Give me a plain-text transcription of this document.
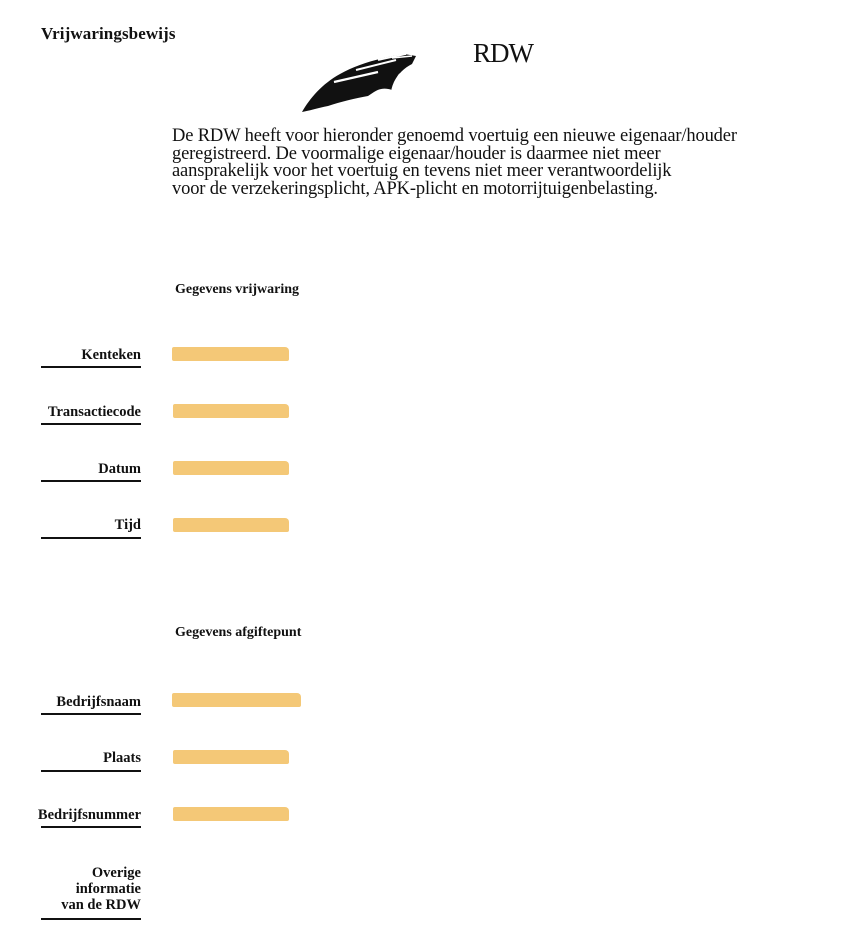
Vrijwaringsbewijs
RDW
De RDW heeft voor hieronder genoemd voertuig een nieuwe eigenaar/houder
geregistreerd. De voormalige eigenaar/houder is daarmee niet meer
aansprakelijk voor het voertuig en tevens niet meer verantwoordelijk
voor de verzekeringsplicht, APK-plicht en motorrijtuigenbelasting.
Gegevens vrijwaring
Kenteken
Transactiecode
Datum
Tijd
Gegevens afgiftepunt
Bedrijfsnaam
Plaats
Bedrijfsnummer
Overige
informatie
van de RDW
